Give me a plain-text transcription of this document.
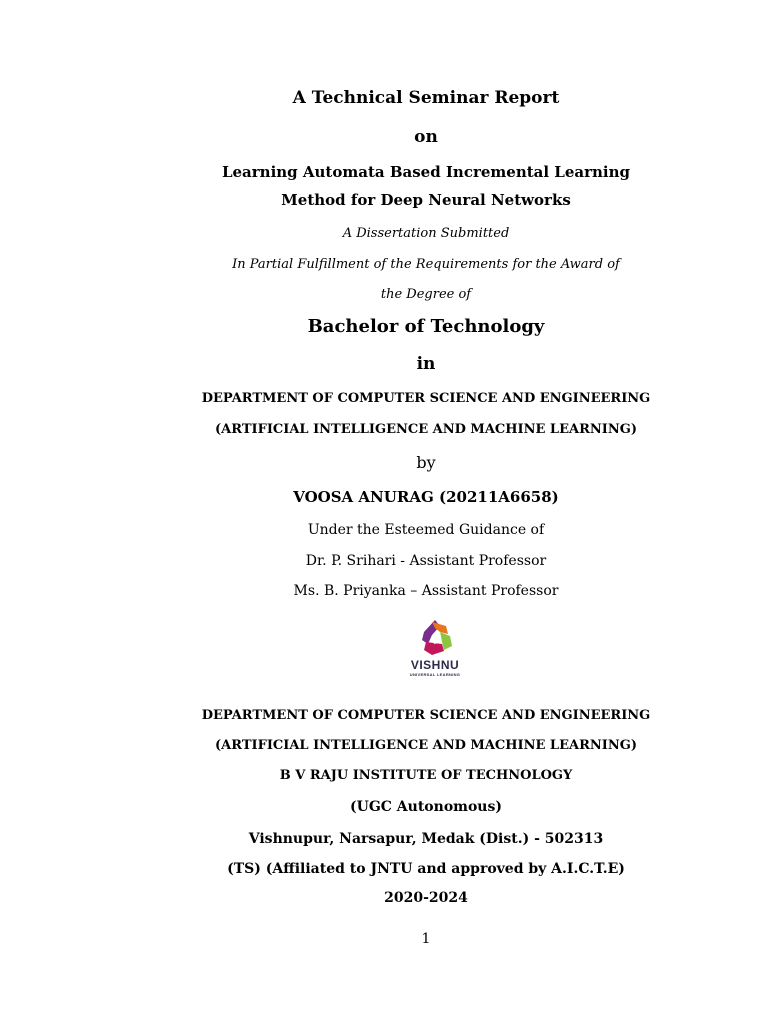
A Technical Seminar Report
on
Learning Automata Based Incremental Learning
Method for Deep Neural Networks
A Dissertation Submitted
In Partial Fulfillment of the Requirements for the Award of
the Degree of
Bachelor of Technology
in
DEPARTMENT OF COMPUTER SCIENCE AND ENGINEERING
(ARTIFICIAL INTELLIGENCE AND MACHINE LEARNING)
by
VOOSA ANURAG (20211A6658)
Under the Esteemed Guidance of
Dr. P. Srihari - Assistant Professor
Ms. B. Priyanka – Assistant Professor
VISHNU
UNIVERSAL LEARNING
DEPARTMENT OF COMPUTER SCIENCE AND ENGINEERING
(ARTIFICIAL INTELLIGENCE AND MACHINE LEARNING)
B V RAJU INSTITUTE OF TECHNOLOGY
(UGC Autonomous)
Vishnupur, Narsapur, Medak (Dist.) - 502313
(TS) (Affiliated to JNTU and approved by A.I.C.T.E)
2020-2024
1
